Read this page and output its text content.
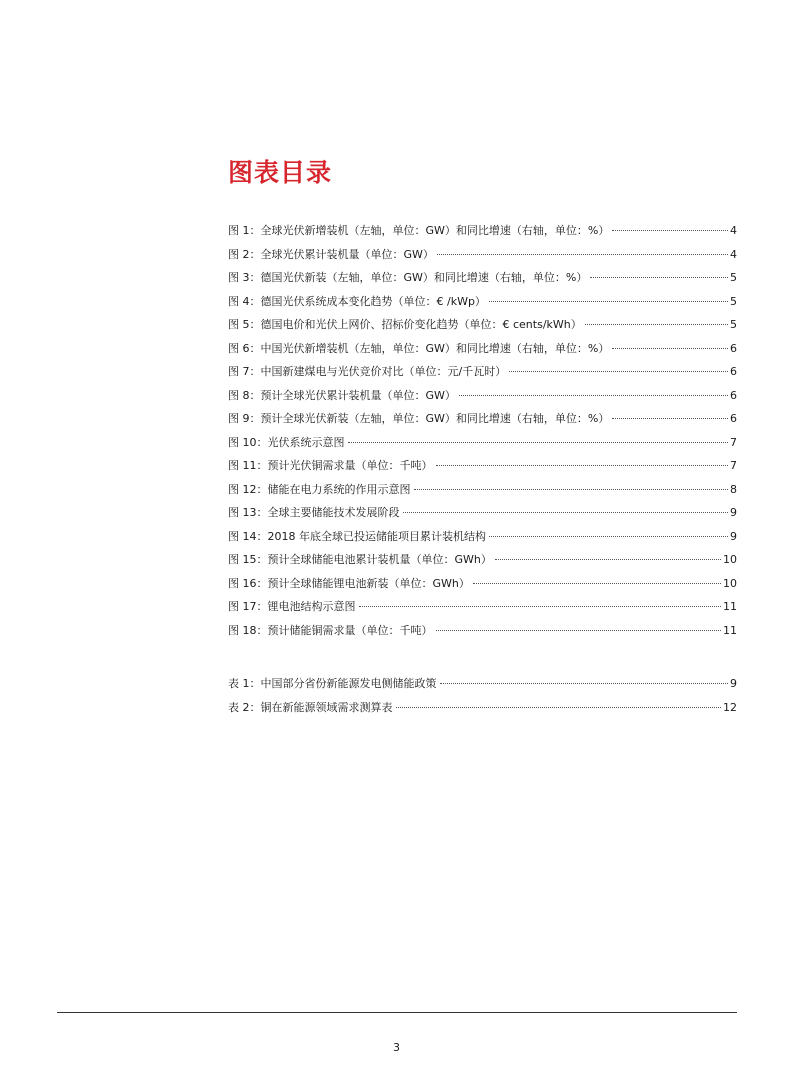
图表目录
图 1：全球光伏新增装机（左轴，单位：GW）和同比增速（右轴，单位：%）	4
图 2：全球光伏累计装机量（单位：GW）	4
图 3：德国光伏新装（左轴，单位：GW）和同比增速（右轴，单位：%）	5
图 4：德国光伏系统成本变化趋势（单位：€ /kWp）	5
图 5：德国电价和光伏上网价、招标价变化趋势（单位：€ cents/kWh）	5
图 6：中国光伏新增装机（左轴，单位：GW）和同比增速（右轴，单位：%）	6
图 7：中国新建煤电与光伏竞价对比（单位：元/千瓦时）	6
图 8：预计全球光伏累计装机量（单位：GW）	6
图 9：预计全球光伏新装（左轴，单位：GW）和同比增速（右轴，单位：%）	6
图 10：光伏系统示意图	7
图 11：预计光伏铜需求量（单位：千吨）	7
图 12：储能在电力系统的作用示意图	8
图 13：全球主要储能技术发展阶段	9
图 14：2018 年底全球已投运储能项目累计装机结构	9
图 15：预计全球储能电池累计装机量（单位：GWh）	10
图 16：预计全球储能锂电池新装（单位：GWh）	10
图 17：锂电池结构示意图	11
图 18：预计储能铜需求量（单位：千吨）	11
表 1：中国部分省份新能源发电侧储能政策	9
表 2：铜在新能源领域需求测算表	12
3
